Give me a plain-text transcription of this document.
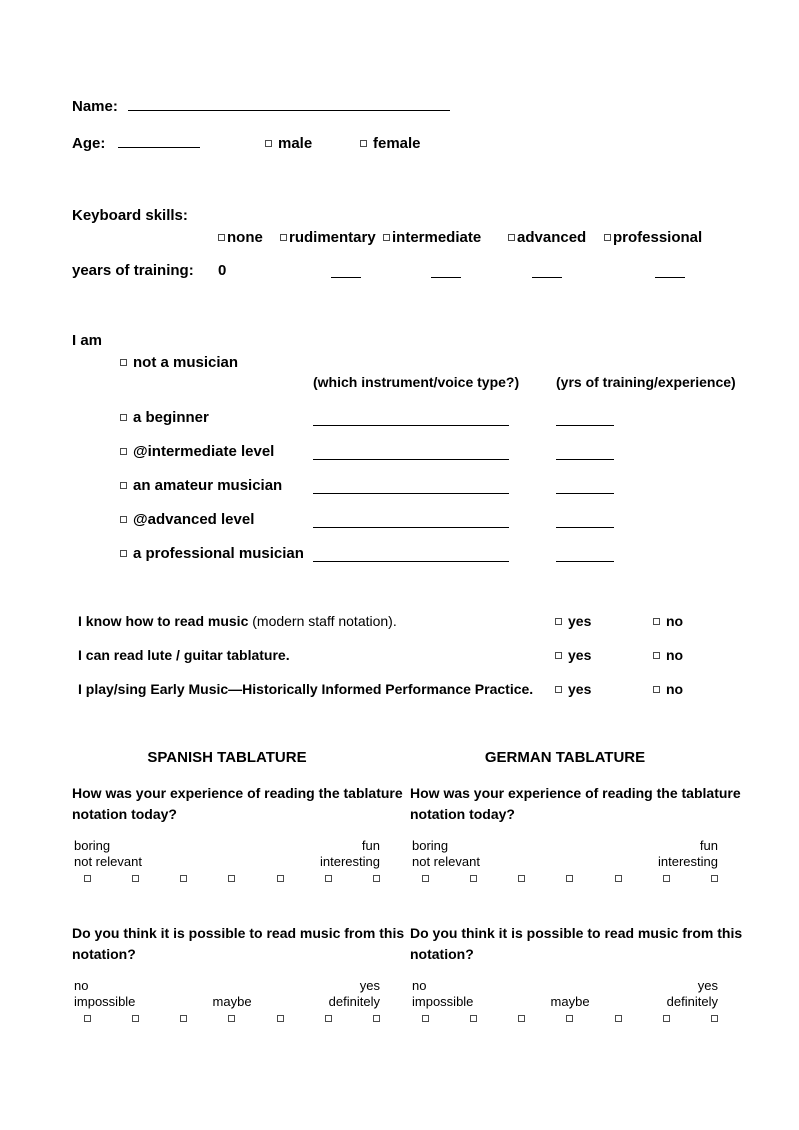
Name:
Age:	male	female
Keyboard skills:
none	rudimentary	intermediate	advanced	professional
years of training: 0
I am
not a musician
(which instrument/voice type?)	(yrs of training/experience)
a beginner
@intermediate level
an amateur musician
@advanced level
a professional musician
I know how to read music (modern staff notation).	yes	no
I can read lute / guitar tablature.	yes	no
I play/sing Early Music—Historically Informed Performance Practice.	yes	no
SPANISH TABLATURE	GERMAN TABLATURE
How was your experience of reading the tablature notation today?
How was your experience of reading the tablature notation today?
boring	fun
not relevant	interesting
boring	fun
not relevant	interesting
Do you think it is possible to read music from this notation?
Do you think it is possible to read music from this notation?
no	yes
impossible	maybe	definitely
no	yes
impossible	maybe	definitely
